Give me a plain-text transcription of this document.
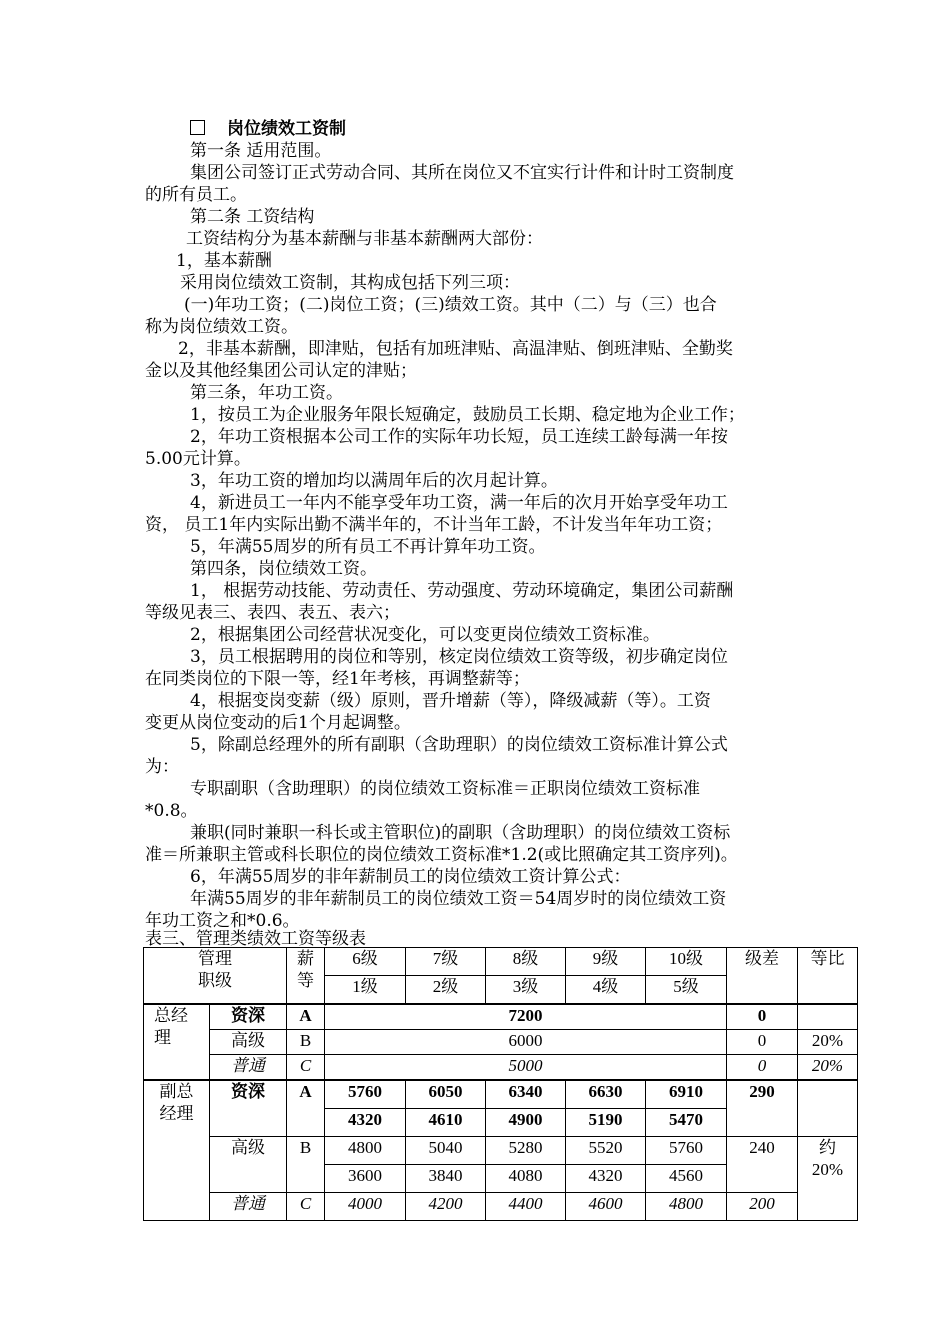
岗位绩效工资制
第一条 适用范围。
集团公司签订正式劳动合同、其所在岗位又不宜实行计件和计时工资制度
的所有员工。
第二条 工资结构
工资结构分为基本薪酬与非基本薪酬两大部份：
1，基本薪酬
采用岗位绩效工资制，其构成包括下列三项：
(一)年功工资；(二)岗位工资；(三)绩效工资。其中（二）与（三）也合
称为岗位绩效工资。
2，非基本薪酬，即津贴，包括有加班津贴、高温津贴、倒班津贴、全勤奖
金以及其他经集团公司认定的津贴；
第三条，年功工资。
1，按员工为企业服务年限长短确定，鼓励员工长期、稳定地为企业工作；
2，年功工资根据本公司工作的实际年功长短，员工连续工龄每满一年按
5.00元计算。
3，年功工资的增加均以满周年后的次月起计算。
4，新进员工一年内不能享受年功工资，满一年后的次月开始享受年功工
资， 员工1年内实际出勤不满半年的，不计当年工龄，不计发当年年功工资；
5，年满55周岁的所有员工不再计算年功工资。
第四条，岗位绩效工资。
1， 根据劳动技能、劳动责任、劳动强度、劳动环境确定，集团公司薪酬
等级见表三、表四、表五、表六；
2，根据集团公司经营状况变化，可以变更岗位绩效工资标准。
3，员工根据聘用的岗位和等别，核定岗位绩效工资等级，初步确定岗位
在同类岗位的下限一等，经1年考核，再调整薪等；
4，根据变岗变薪（级）原则，晋升增薪（等），降级减薪（等）。工资
变更从岗位变动的后1个月起调整。
5，除副总经理外的所有副职（含助理职）的岗位绩效工资标准计算公式
为：
专职副职（含助理职）的岗位绩效工资标准＝正职岗位绩效工资标准
*0.8。
兼职(同时兼职一科长或主管职位)的副职（含助理职）的岗位绩效工资标
准＝所兼职主管或科长职位的岗位绩效工资标准*1.2(或比照确定其工资序列)。
6，年满55周岁的非年薪制员工的岗位绩效工资计算公式：
年满55周岁的非年薪制员工的岗位绩效工资＝54周岁时的岗位绩效工资
年功工资之和*0.6。
表三、管理类绩效工资等级表
管理
职级		薪
等	6级	7级	8级	9级	10级	级差	等比
			1级	2级	3级	4级	5级		

总经
理	资深	A	7200					0	
	高级	B	6000					0	20%
	普通	C	5000					0	20%

副总
经理	资深	A	5760	6050	6340	6630	6910	290	
			4320	4610	4900	5190	5470		
	高级	B	4800	5040	5280	5520	5760	240	约
20%

			3600	3840	4080	4320	4560		
	普通	C	4000	4200	4400	4600	4800	200	
